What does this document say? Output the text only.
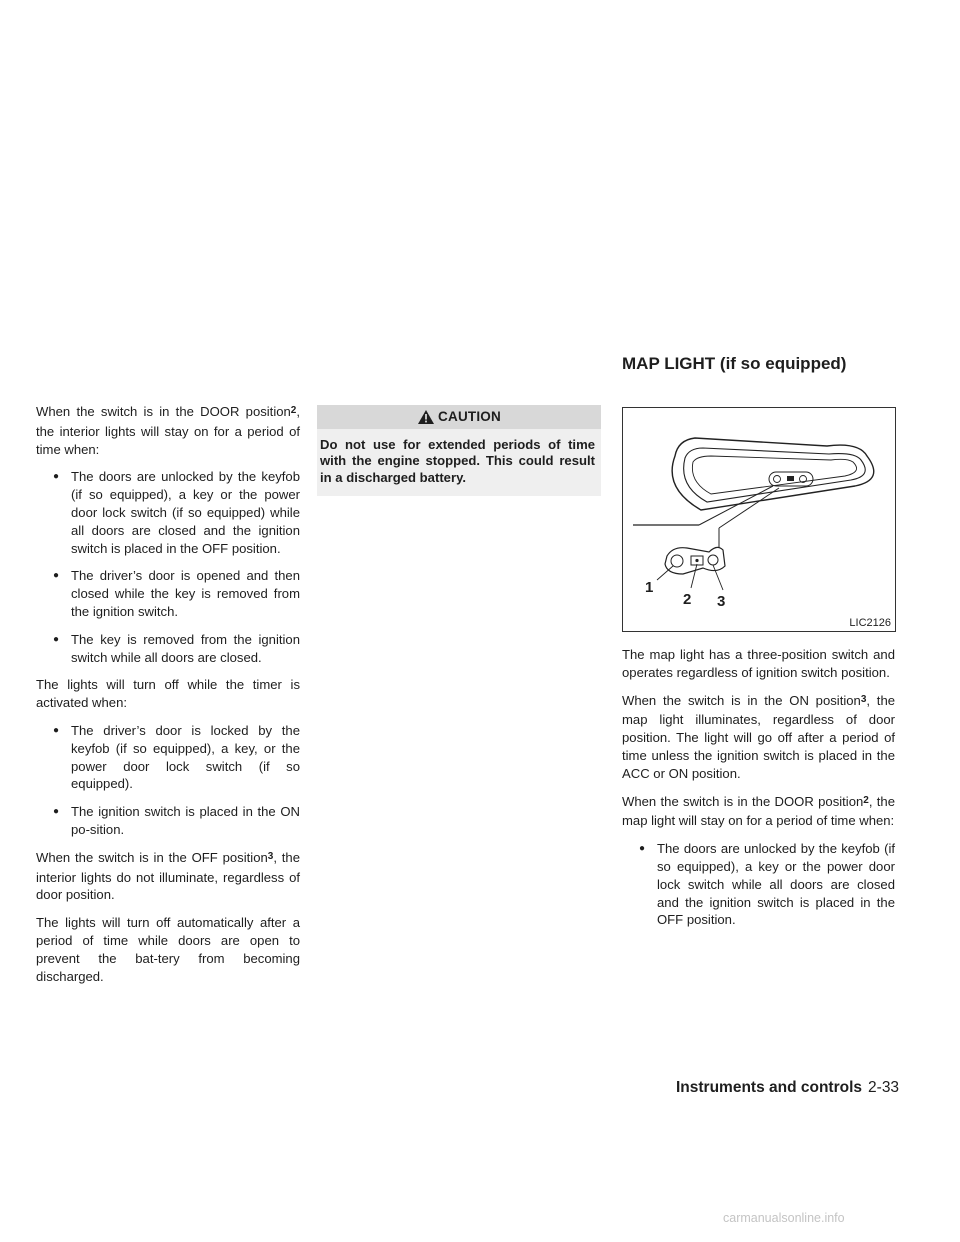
MAP LIGHT (if so equipped)

When the switch is in the DOOR position$^2$, the interior lights will stay on for a period of time when:

● The doors are unlocked by the keyfob (if so equipped), a key or the power door lock switch (if so equipped) while all doors are closed and the ignition switch is placed in the OFF position.
● The driver’s door is opened and then closed while the key is removed from the ignition switch.
● The key is removed from the ignition switch while all doors are closed.

The lights will turn off while the timer is activated when:

● The driver’s door is locked by the keyfob (if so equipped), a key, or the power door lock switch (if so equipped).
● The ignition switch is placed in the ON po-sition.

When the switch is in the OFF position$^3$, the interior lights do not illuminate, regardless of door position.

The lights will turn off automatically after a period of time while doors are open to prevent the bat-tery from becoming discharged.

CAUTION
Do not use for extended periods of time with the engine stopped. This could result in a discharged battery.
1
2 3
LIC2126

The map light has a three-position switch and operates regardless of ignition switch position.

When the switch is in the ON position$^3$, the map light illuminates, regardless of door position. The light will go off after a period of time unless the ignition switch is placed in the ACC or ON position.

When the switch is in the DOOR position$^2$, the map light will stay on for a period of time when:

● The doors are unlocked by the keyfob (if so equipped), a key or the power door lock switch while all doors are closed and the ignition switch is placed in the OFF position.
Instruments and controls 2-33
carmanualsonline.info
